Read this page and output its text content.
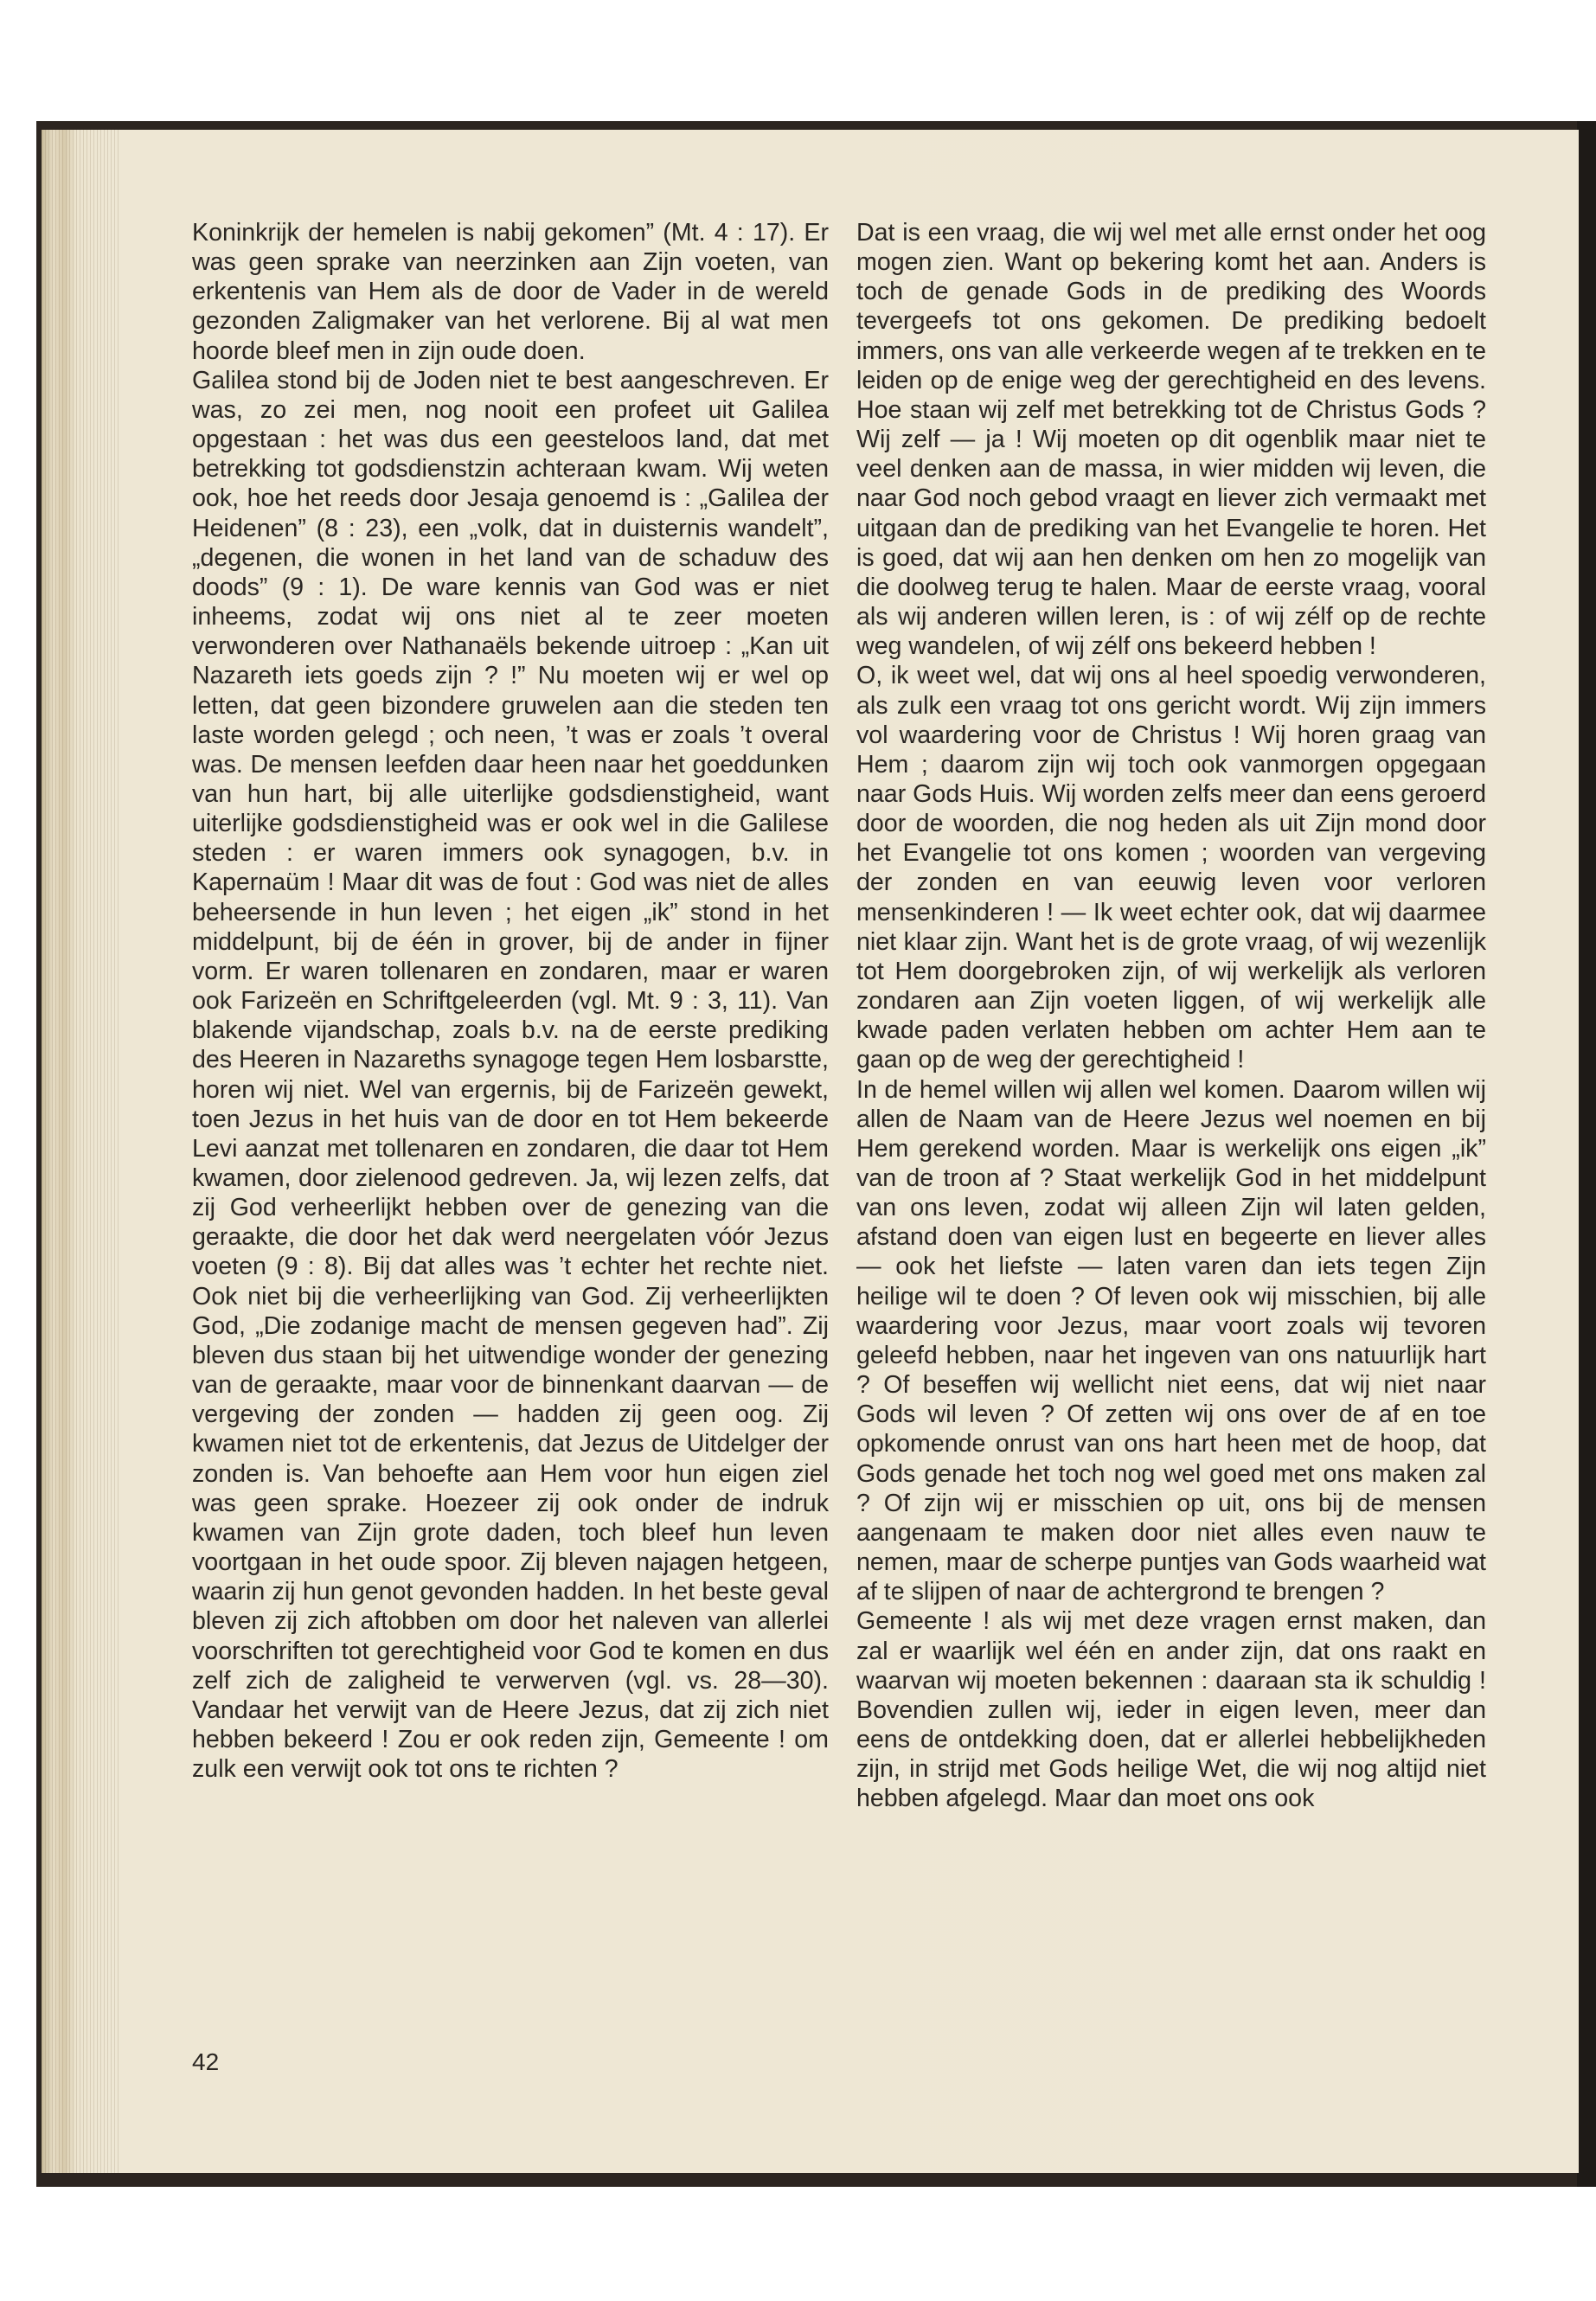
Koninkrijk der hemelen is nabij gekomen” (Mt. 4 : 17). Er was geen sprake van neerzinken aan Zijn voeten, van erkentenis van Hem als de door de Vader in de wereld gezonden Zaligmaker van het verlorene. Bij al wat men hoorde bleef men in zijn oude doen.

Galilea stond bij de Joden niet te best aangeschreven. Er was, zo zei men, nog nooit een profeet uit Galilea opgestaan : het was dus een geesteloos land, dat met betrekking tot godsdienstzin achteraan kwam. Wij weten ook, hoe het reeds door Jesaja genoemd is : „Galilea der Heidenen” (8 : 23), een „volk, dat in duisternis wandelt”, „degenen, die wonen in het land van de schaduw des doods” (9 : 1). De ware kennis van God was er niet inheems, zodat wij ons niet al te zeer moeten verwonderen over Nathanaëls bekende uitroep : „Kan uit Nazareth iets goeds zijn ? !” Nu moeten wij er wel op letten, dat geen bizondere gruwelen aan die steden ten laste worden gelegd ; och neen, ’t was er zoals ’t overal was. De mensen leefden daar heen naar het goeddunken van hun hart, bij alle uiterlijke godsdienstigheid, want uiterlijke godsdienstigheid was er ook wel in die Galilese steden : er waren immers ook synagogen, b.v. in Kapernaüm ! Maar dit was de fout : God was niet de alles beheersende in hun leven ; het eigen „ik” stond in het middelpunt, bij de één in grover, bij de ander in fijner vorm. Er waren tollenaren en zondaren, maar er waren ook Farizeën en Schriftgeleerden (vgl. Mt. 9 : 3, 11). Van blakende vijandschap, zoals b.v. na de eerste prediking des Heeren in Nazareths synagoge tegen Hem losbarstte, horen wij niet. Wel van ergernis, bij de Farizeën gewekt, toen Jezus in het huis van de door en tot Hem bekeerde Levi aanzat met tollenaren en zondaren, die daar tot Hem kwamen, door zielenood gedreven. Ja, wij lezen zelfs, dat zij God verheerlijkt hebben over de genezing van die geraakte, die door het dak werd neergelaten vóór Jezus voeten (9 : 8). Bij dat alles was ’t echter het rechte niet. Ook niet bij die verheerlijking van God. Zij verheerlijkten God, „Die zodanige macht de mensen gegeven had”. Zij bleven dus staan bij het uitwendige wonder der genezing van de geraakte, maar voor de binnenkant daarvan — de vergeving der zonden — hadden zij geen oog. Zij kwamen niet tot de erkentenis, dat Jezus de Uitdelger der zonden is. Van behoefte aan Hem voor hun eigen ziel was geen sprake. Hoezeer zij ook onder de indruk kwamen van Zijn grote daden, toch bleef hun leven voortgaan in het oude spoor. Zij bleven najagen hetgeen, waarin zij hun genot gevonden hadden. In het beste geval bleven zij zich aftobben om door het naleven van allerlei voorschriften tot gerechtigheid voor God te komen en dus zelf zich de zaligheid te verwerven (vgl. vs. 28—30). Vandaar het verwijt van de Heere Jezus, dat zij zich niet hebben bekeerd ! Zou er ook reden zijn, Gemeente ! om zulk een verwijt ook tot ons te richten ?

Dat is een vraag, die wij wel met alle ernst onder het oog mogen zien. Want op bekering komt het aan. Anders is toch de genade Gods in de prediking des Woords tevergeefs tot ons gekomen. De prediking bedoelt immers, ons van alle verkeerde wegen af te trekken en te leiden op de enige weg der gerechtigheid en des levens. Hoe staan wij zelf met betrekking tot de Christus Gods ? Wij zelf — ja ! Wij moeten op dit ogenblik maar niet te veel denken aan de massa, in wier midden wij leven, die naar God noch gebod vraagt en liever zich vermaakt met uitgaan dan de prediking van het Evangelie te horen. Het is goed, dat wij aan hen denken om hen zo mogelijk van die doolweg terug te halen. Maar de eerste vraag, vooral als wij anderen willen leren, is : of wij zélf op de rechte weg wandelen, of wij zélf ons bekeerd hebben !

O, ik weet wel, dat wij ons al heel spoedig verwonderen, als zulk een vraag tot ons gericht wordt. Wij zijn immers vol waardering voor de Christus ! Wij horen graag van Hem ; daarom zijn wij toch ook vanmorgen opgegaan naar Gods Huis. Wij worden zelfs meer dan eens geroerd door de woorden, die nog heden als uit Zijn mond door het Evangelie tot ons komen ; woorden van vergeving der zonden en van eeuwig leven voor verloren mensenkinderen ! — Ik weet echter ook, dat wij daarmee niet klaar zijn. Want het is de grote vraag, of wij wezenlijk tot Hem doorgebroken zijn, of wij werkelijk als verloren zondaren aan Zijn voeten liggen, of wij werkelijk alle kwade paden verlaten hebben om achter Hem aan te gaan op de weg der gerechtigheid !

In de hemel willen wij allen wel komen. Daarom willen wij allen de Naam van de Heere Jezus wel noemen en bij Hem gerekend worden. Maar is werkelijk ons eigen „ik” van de troon af ? Staat werkelijk God in het middelpunt van ons leven, zodat wij alleen Zijn wil laten gelden, afstand doen van eigen lust en begeerte en liever alles — ook het liefste — laten varen dan iets tegen Zijn heilige wil te doen ? Of leven ook wij misschien, bij alle waardering voor Jezus, maar voort zoals wij tevoren geleefd hebben, naar het ingeven van ons natuurlijk hart ? Of beseffen wij wellicht niet eens, dat wij niet naar Gods wil leven ? Of zetten wij ons over de af en toe opkomende onrust van ons hart heen met de hoop, dat Gods genade het toch nog wel goed met ons maken zal ? Of zijn wij er misschien op uit, ons bij de mensen aangenaam te maken door niet alles even nauw te nemen, maar de scherpe puntjes van Gods waarheid wat af te slijpen of naar de achtergrond te brengen ?

Gemeente ! als wij met deze vragen ernst maken, dan zal er waarlijk wel één en ander zijn, dat ons raakt en waarvan wij moeten bekennen : daaraan sta ik schuldig ! Bovendien zullen wij, ieder in eigen leven, meer dan eens de ontdekking doen, dat er allerlei hebbelijkheden zijn, in strijd met Gods heilige Wet, die wij nog altijd niet hebben afgelegd. Maar dan moet ons ook

42
